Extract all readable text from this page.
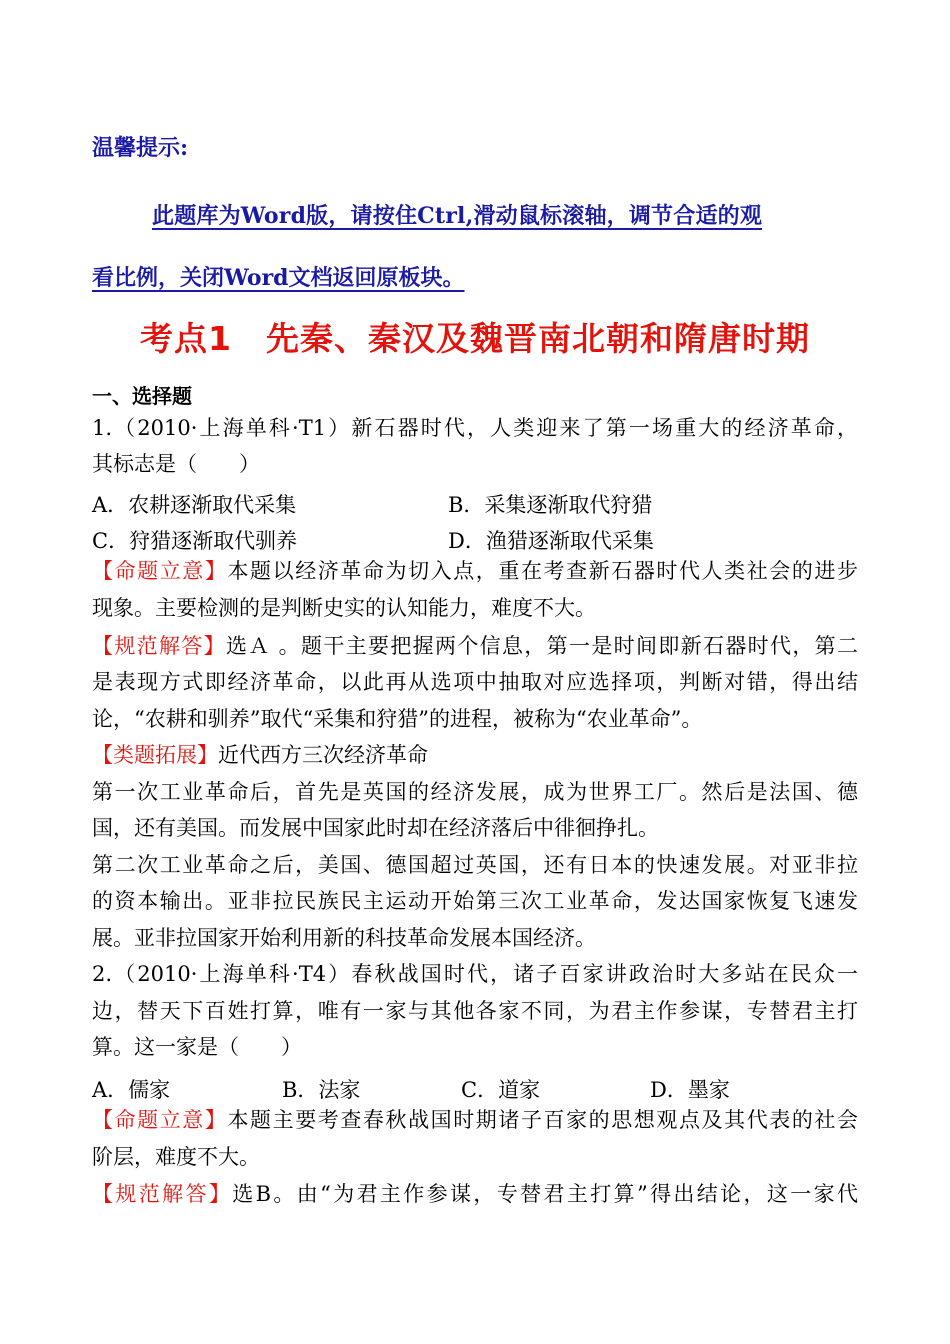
温馨提示:
此题库为Word版，请按住Ctrl,滑动鼠标滚轴，调节合适的观
看比例，关闭Word文档返回原板块。
考点1　先秦、秦汉及魏晋南北朝和隋唐时期
一、选择题
1.（2010·上海单科·T1）新石器时代，人类迎来了第一场重大的经济革命，
其标志是（　　）
A．农耕逐渐取代采集	B．采集逐渐取代狩猎
C．狩猎逐渐取代驯养	D．渔猎逐渐取代采集
【命题立意】本题以经济革命为切入点，重在考查新石器时代人类社会的进步
现象。主要检测的是判断史实的认知能力，难度不大。
【规范解答】选Ａ 。题干主要把握两个信息，第一是时间即新石器时代，第二
是表现方式即经济革命，以此再从选项中抽取对应选择项，判断对错，得出结
论，“农耕和驯养”取代“采集和狩猎”的进程，被称为“农业革命”。
【类题拓展】近代西方三次经济革命
第一次工业革命后，首先是英国的经济发展，成为世界工厂。然后是法国、德
国，还有美国。而发展中国家此时却在经济落后中徘徊挣扎。
第二次工业革命之后，美国、德国超过英国，还有日本的快速发展。对亚非拉
的资本输出。亚非拉民族民主运动开始第三次工业革命，发达国家恢复飞速发
展。亚非拉国家开始利用新的科技革命发展本国经济。
2.（2010·上海单科·T4）春秋战国时代，诸子百家讲政治时大多站在民众一
边，替天下百姓打算，唯有一家与其他各家不同，为君主作参谋，专替君主打
算。这一家是（　　）
A．儒家	B．法家	C．道家	D．墨家
【命题立意】本题主要考查春秋战国时期诸子百家的思想观点及其代表的社会
阶层，难度不大。
【规范解答】选B。由“为君主作参谋，专替君主打算”得出结论，这一家代
